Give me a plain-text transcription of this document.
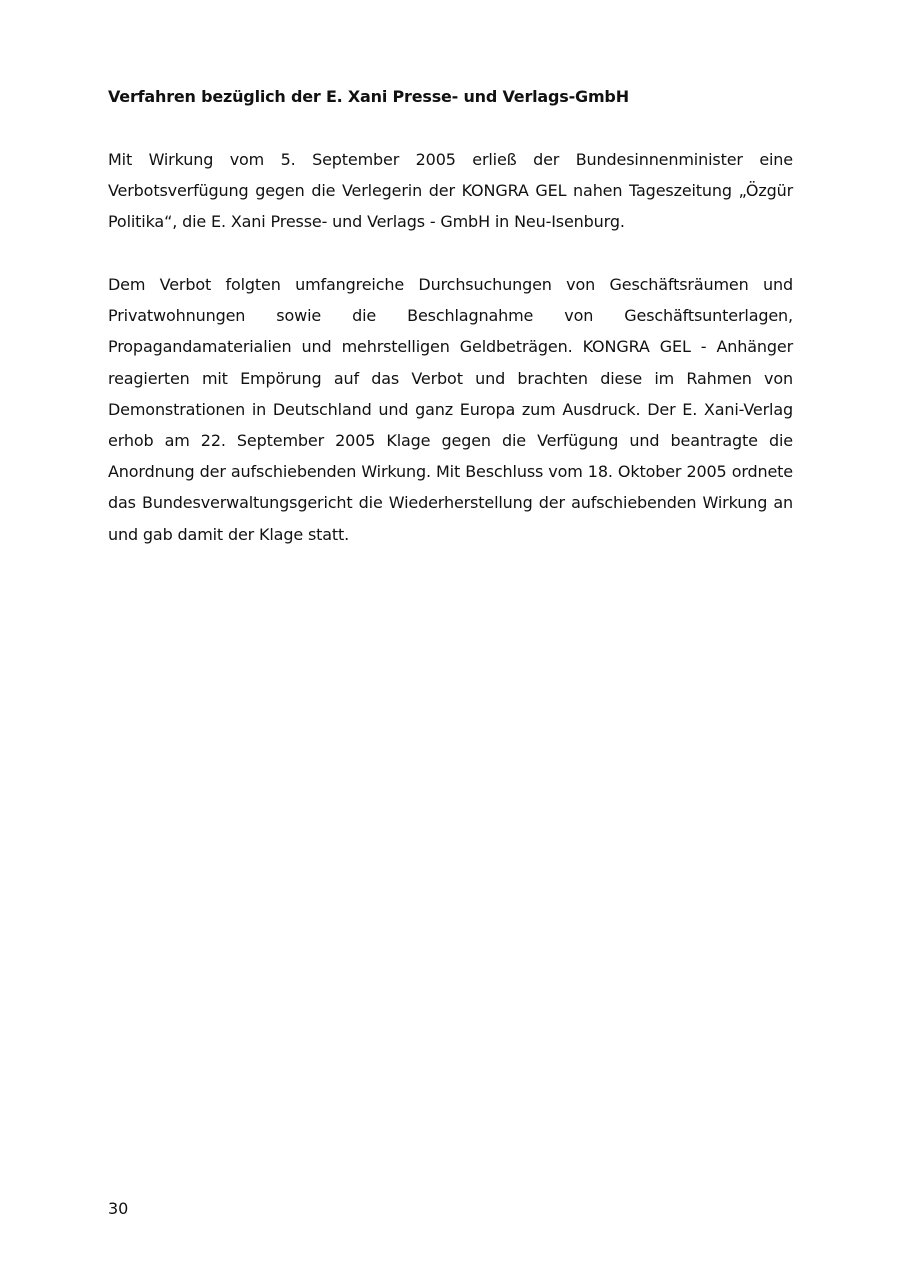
Verfahren bezüglich der E. Xani Presse- und Verlags-GmbH

Mit Wirkung vom 5. September 2005 erließ der Bundesinnenminister eine Verbotsverfügung gegen die Verlegerin der KONGRA GEL nahen Tageszeitung „Özgür Politika“, die E. Xani Presse- und Verlags - GmbH in Neu-Isenburg.

Dem Verbot folgten umfangreiche Durchsuchungen von Geschäftsräumen und Privatwohnungen sowie die Beschlagnahme von Geschäftsunterlagen, Propagandamaterialien und mehrstelligen Geldbeträgen. KONGRA GEL - Anhänger reagierten mit Empörung auf das Verbot und brachten diese im Rahmen von Demonstrationen in Deutschland und ganz Europa zum Ausdruck. Der E. Xani-Verlag erhob am 22. September 2005 Klage gegen die Verfügung und beantragte die Anordnung der aufschiebenden Wirkung. Mit Beschluss vom 18. Oktober 2005 ordnete das Bundesverwaltungsgericht die Wiederherstellung der aufschiebenden Wirkung an und gab damit der Klage statt.

30
